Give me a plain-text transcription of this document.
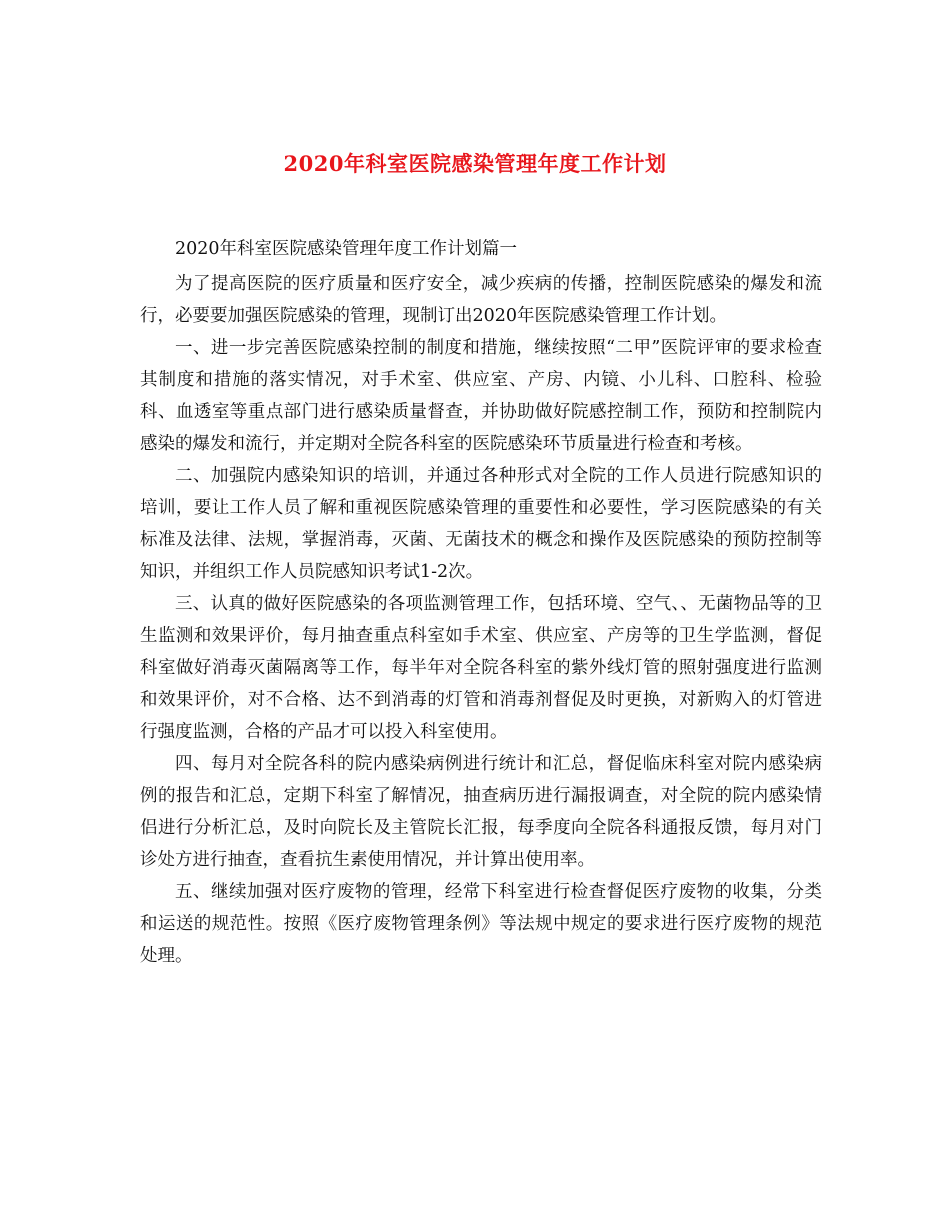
2020年科室医院感染管理年度工作计划

2020年科室医院感染管理年度工作计划篇一

为了提高医院的医疗质量和医疗安全，减少疾病的传播，控制医院感染的爆发和流行，必要要加强医院感染的管理，现制订出2020年医院感染管理工作计划。

一、进一步完善医院感染控制的制度和措施，继续按照“二甲”医院评审的要求检查其制度和措施的落实情况，对手术室、供应室、产房、内镜、小儿科、口腔科、检验科、血透室等重点部门进行感染质量督查，并协助做好院感控制工作，预防和控制院内感染的爆发和流行，并定期对全院各科室的医院感染环节质量进行检查和考核。

二、加强院内感染知识的培训，并通过各种形式对全院的工作人员进行院感知识的培训，要让工作人员了解和重视医院感染管理的重要性和必要性，学习医院感染的有关标准及法律、法规，掌握消毒，灭菌、无菌技术的概念和操作及医院感染的预防控制等知识，并组织工作人员院感知识考试1-2次。

三、认真的做好医院感染的各项监测管理工作，包括环境、空气、、无菌物品等的卫生监测和效果评价，每月抽查重点科室如手术室、供应室、产房等的卫生学监测，督促科室做好消毒灭菌隔离等工作，每半年对全院各科室的紫外线灯管的照射强度进行监测和效果评价，对不合格、达不到消毒的灯管和消毒剂督促及时更换，对新购入的灯管进行强度监测，合格的产品才可以投入科室使用。

四、每月对全院各科的院内感染病例进行统计和汇总，督促临床科室对院内感染病例的报告和汇总，定期下科室了解情况，抽查病历进行漏报调查，对全院的院内感染情侣进行分析汇总，及时向院长及主管院长汇报，每季度向全院各科通报反馈，每月对门诊处方进行抽查，查看抗生素使用情况，并计算出使用率。

五、继续加强对医疗废物的管理，经常下科室进行检查督促医疗废物的收集，分类和运送的规范性。按照《医疗废物管理条例》等法规中规定的要求进行医疗废物的规范处理。
